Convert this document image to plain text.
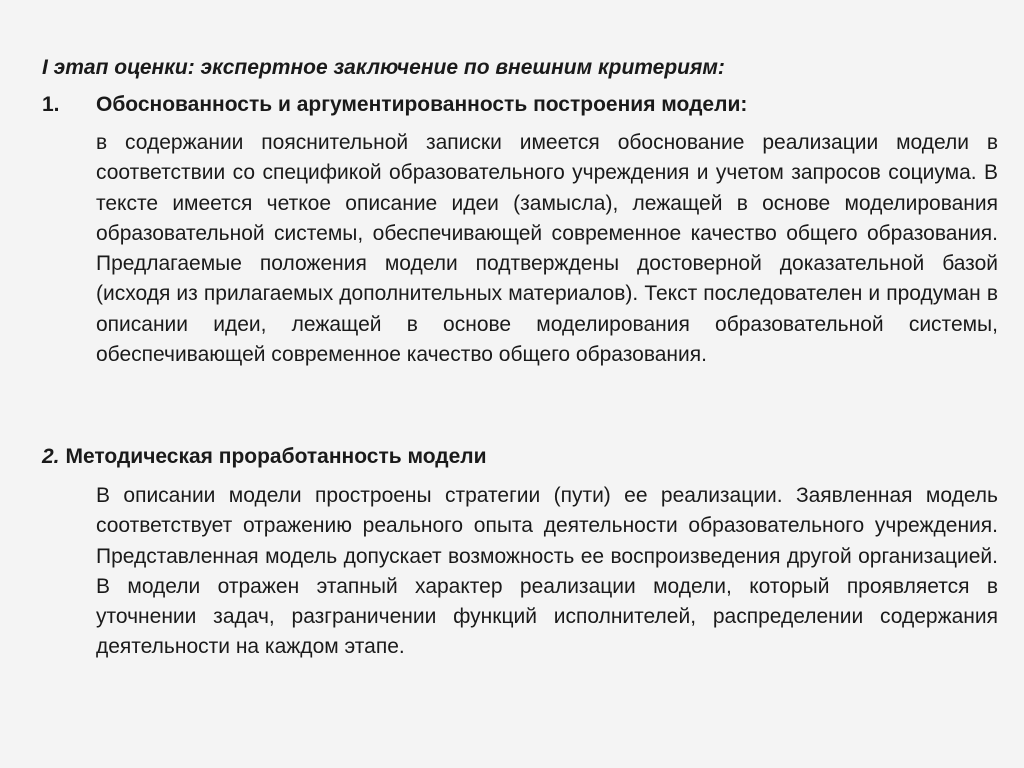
I этап оценки: экспертное заключение по внешним критериям:
1. Обоснованность и аргументированность построения модели:

в содержании пояснительной записки имеется обоснование реализации модели в соответствии со спецификой образовательного учреждения и учетом запросов социума. В тексте имеется четкое описание идеи (замысла), лежащей в основе моделирования образовательной системы, обеспечивающей современное качество общего образования. Предлагаемые положения модели подтверждены достоверной доказательной базой (исходя из прилагаемых дополнительных материалов). Текст последователен и продуман в описании идеи, лежащей в основе моделирования образовательной системы, обеспечивающей современное качество общего образования.

2. Методическая проработанность модели

В описании модели простроены стратегии (пути) ее реализации. Заявленная модель соответствует отражению реального опыта деятельности образовательного учреждения. Представленная модель допускает возможность ее воспроизведения другой организацией. В модели отражен этапный характер реализации модели, который проявляется в уточнении задач, разграничении функций исполнителей, распределении содержания деятельности на каждом этапе.
